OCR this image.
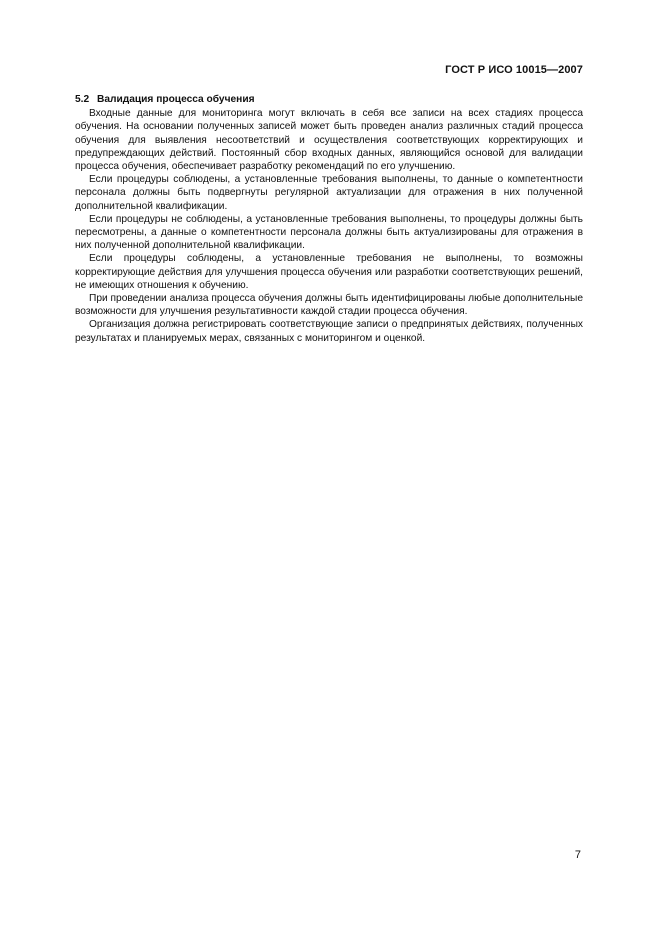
ГОСТ Р ИСО 10015—2007
5.2 Валидация процесса обучения

Входные данные для мониторинга могут включать в себя все записи на всех стадиях процесса обучения. На основании полученных записей может быть проведен анализ различных стадий процесса обучения для выявления несоответствий и осуществления соответствующих корректирующих и предупреждающих действий. Постоянный сбор входных данных, являющийся основой для валидации процесса обучения, обеспечивает разработку рекомендаций по его улучшению.

Если процедуры соблюдены, а установленные требования выполнены, то данные о компетентности персонала должны быть подвергнуты регулярной актуализации для отражения в них полученной дополнительной квалификации.

Если процедуры не соблюдены, а установленные требования выполнены, то процедуры должны быть пересмотрены, а данные о компетентности персонала должны быть актуализированы для отражения в них полученной дополнительной квалификации.

Если процедуры соблюдены, а установленные требования не выполнены, то возможны корректирующие действия для улучшения процесса обучения или разработки соответствующих решений, не имеющих отношения к обучению.

При проведении анализа процесса обучения должны быть идентифицированы любые дополнительные возможности для улучшения результативности каждой стадии процесса обучения.

Организация должна регистрировать соответствующие записи о предпринятых действиях, полученных результатах и планируемых мерах, связанных с мониторингом и оценкой.

7
